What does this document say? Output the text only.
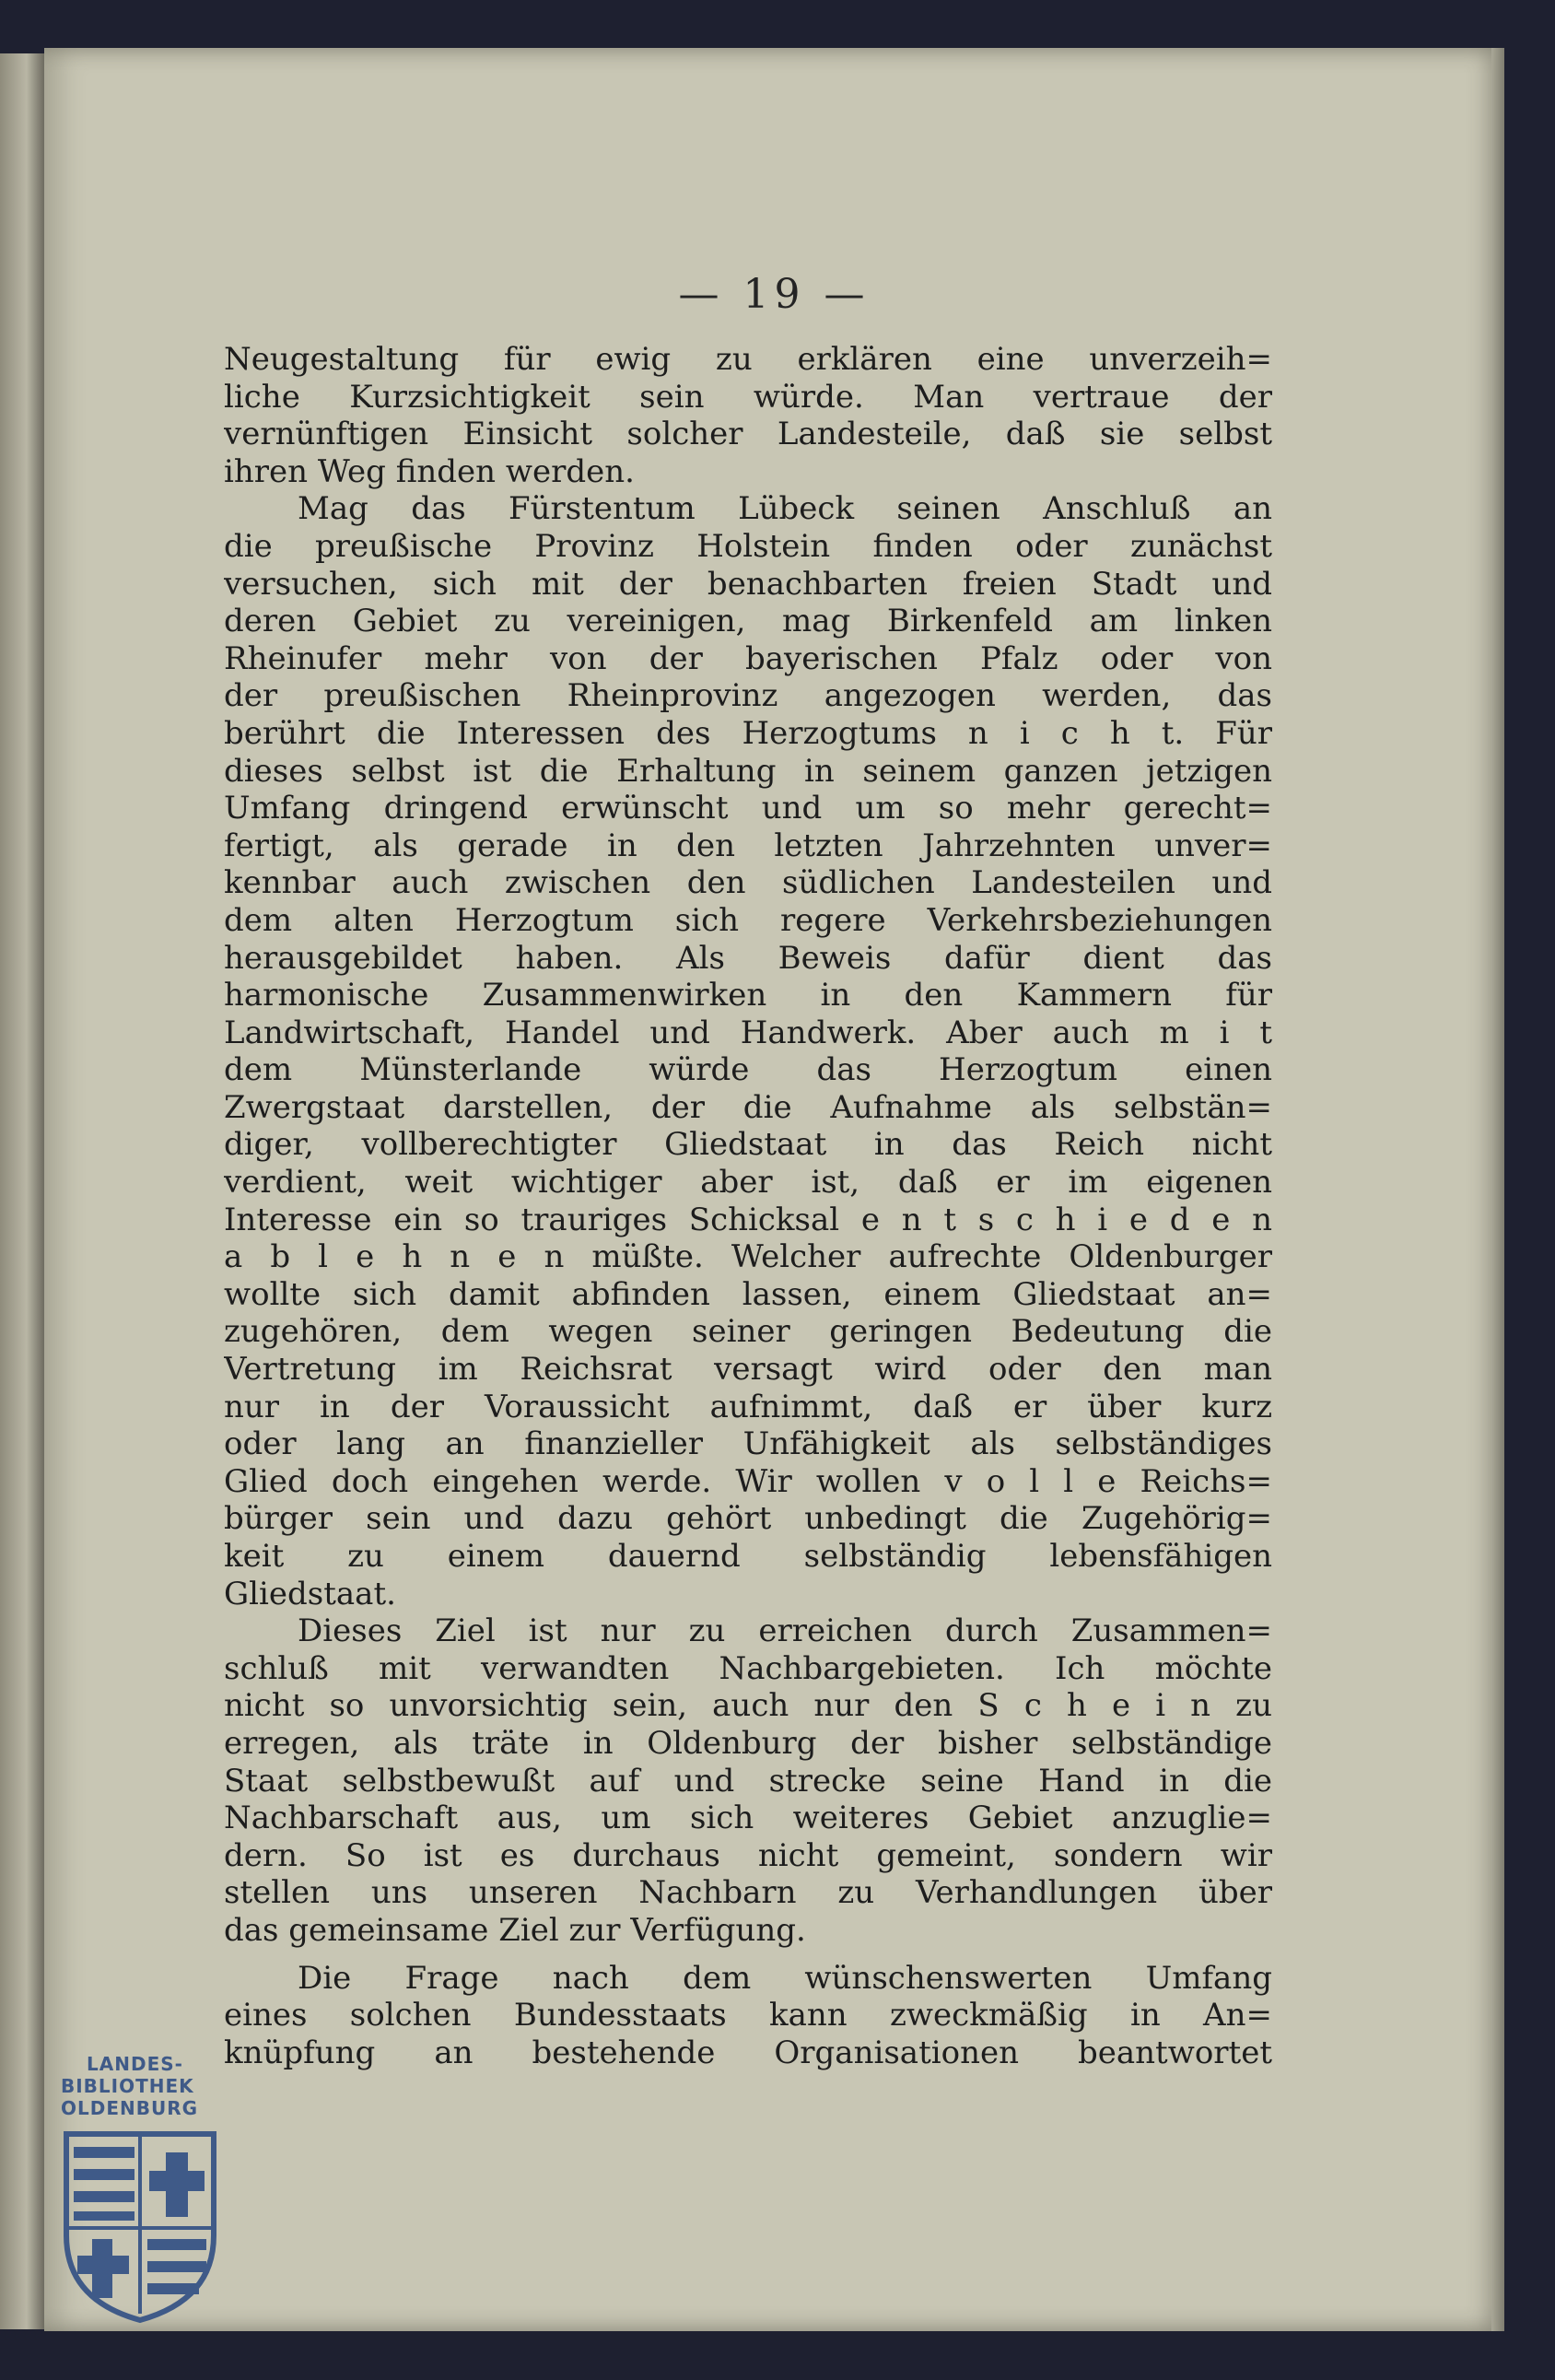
— 19 —
Neugestaltung für ewig zu erklären eine unverzeih=
liche Kurzsichtigkeit sein würde. Man vertraue der
vernünftigen Einsicht solcher Landesteile, daß sie selbst
ihren Weg finden werden.
Mag das Fürstentum Lübeck seinen Anschluß an
die preußische Provinz Holstein finden oder zunächst
versuchen, sich mit der benachbarten freien Stadt und
deren Gebiet zu vereinigen, mag Birkenfeld am linken
Rheinufer mehr von der bayerischen Pfalz oder von
der preußischen Rheinprovinz angezogen werden, das
berührt die Interessen des Herzogtums n i c h t. Für
dieses selbst ist die Erhaltung in seinem ganzen jetzigen
Umfang dringend erwünscht und um so mehr gerecht=
fertigt, als gerade in den letzten Jahrzehnten unver=
kennbar auch zwischen den südlichen Landesteilen und
dem alten Herzogtum sich regere Verkehrsbeziehungen
herausgebildet haben. Als Beweis dafür dient das
harmonische Zusammenwirken in den Kammern für
Landwirtschaft, Handel und Handwerk. Aber auch m i t
dem Münsterlande würde das Herzogtum einen
Zwergstaat darstellen, der die Aufnahme als selbstän=
diger, vollberechtigter Gliedstaat in das Reich nicht
verdient, weit wichtiger aber ist, daß er im eigenen
Interesse ein so trauriges Schicksal e n t s c h i e d e n
a b l e h n e n müßte. Welcher aufrechte Oldenburger
wollte sich damit abfinden lassen, einem Gliedstaat an=
zugehören, dem wegen seiner geringen Bedeutung die
Vertretung im Reichsrat versagt wird oder den man
nur in der Voraussicht aufnimmt, daß er über kurz
oder lang an finanzieller Unfähigkeit als selbständiges
Glied doch eingehen werde. Wir wollen v o l l e Reichs=
bürger sein und dazu gehört unbedingt die Zugehörig=
keit zu einem dauernd selbständig lebensfähigen
Gliedstaat.
Dieses Ziel ist nur zu erreichen durch Zusammen=
schluß mit verwandten Nachbargebieten. Ich möchte
nicht so unvorsichtig sein, auch nur den S c h e i n zu
erregen, als träte in Oldenburg der bisher selbständige
Staat selbstbewußt auf und strecke seine Hand in die
Nachbarschaft aus, um sich weiteres Gebiet anzuglie=
dern. So ist es durchaus nicht gemeint, sondern wir
stellen uns unseren Nachbarn zu Verhandlungen über
das gemeinsame Ziel zur Verfügung.
Die Frage nach dem wünschenswerten Umfang
eines solchen Bundesstaats kann zweckmäßig in An=
knüpfung an bestehende Organisationen beantwortet
LANDES-
BIBLIOTHEK
OLDENBURG
